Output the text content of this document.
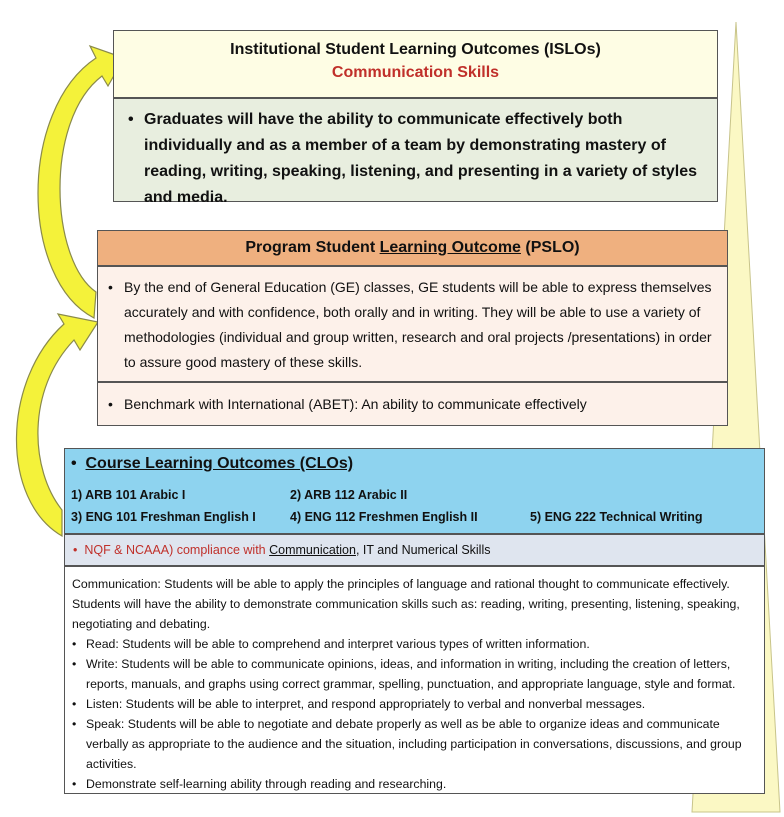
Institutional Student Learning Outcomes (ISLOs)
Communication Skills
• Graduates will have the ability to communicate effectively both individually and as a member of a team by demonstrating mastery of reading, writing, speaking, listening, and presenting in a variety of styles and media.
Program Student Learning Outcome (PSLO)
• By the end of General Education (GE) classes, GE students will be able to express themselves accurately and with confidence, both orally and in writing. They will be able to use a variety of methodologies (individual and group written, research and oral projects /presentations) in order to assure good mastery of these skills.
• Benchmark with International (ABET): An ability to communicate effectively
•  Course Learning Outcomes (CLOs)
1) ARB 101 Arabic I	2) ARB 112 Arabic II
3) ENG 101 Freshman English I	4) ENG 112 Freshmen English II	5) ENG 222 Technical Writing
•  NQF & NCAAA) compliance with Communication, IT and Numerical Skills
Communication: Students will be able to apply the principles of language and rational thought to communicate effectively. Students will have the ability to demonstrate communication skills such as: reading, writing, presenting, listening, speaking, negotiating and debating.
• Read: Students will be able to comprehend and interpret various types of written information.
• Write: Students will be able to communicate opinions, ideas, and information in writing, including the creation of letters, reports, manuals, and graphs using correct grammar, spelling, punctuation, and appropriate language, style and format.
• Listen: Students will be able to interpret, and respond appropriately to verbal and nonverbal messages.
• Speak: Students will be able to negotiate and debate properly as well as be able to organize ideas and communicate verbally as appropriate to the audience and the situation, including participation in conversations, discussions, and group activities.
• Demonstrate self-learning ability through reading and researching.
